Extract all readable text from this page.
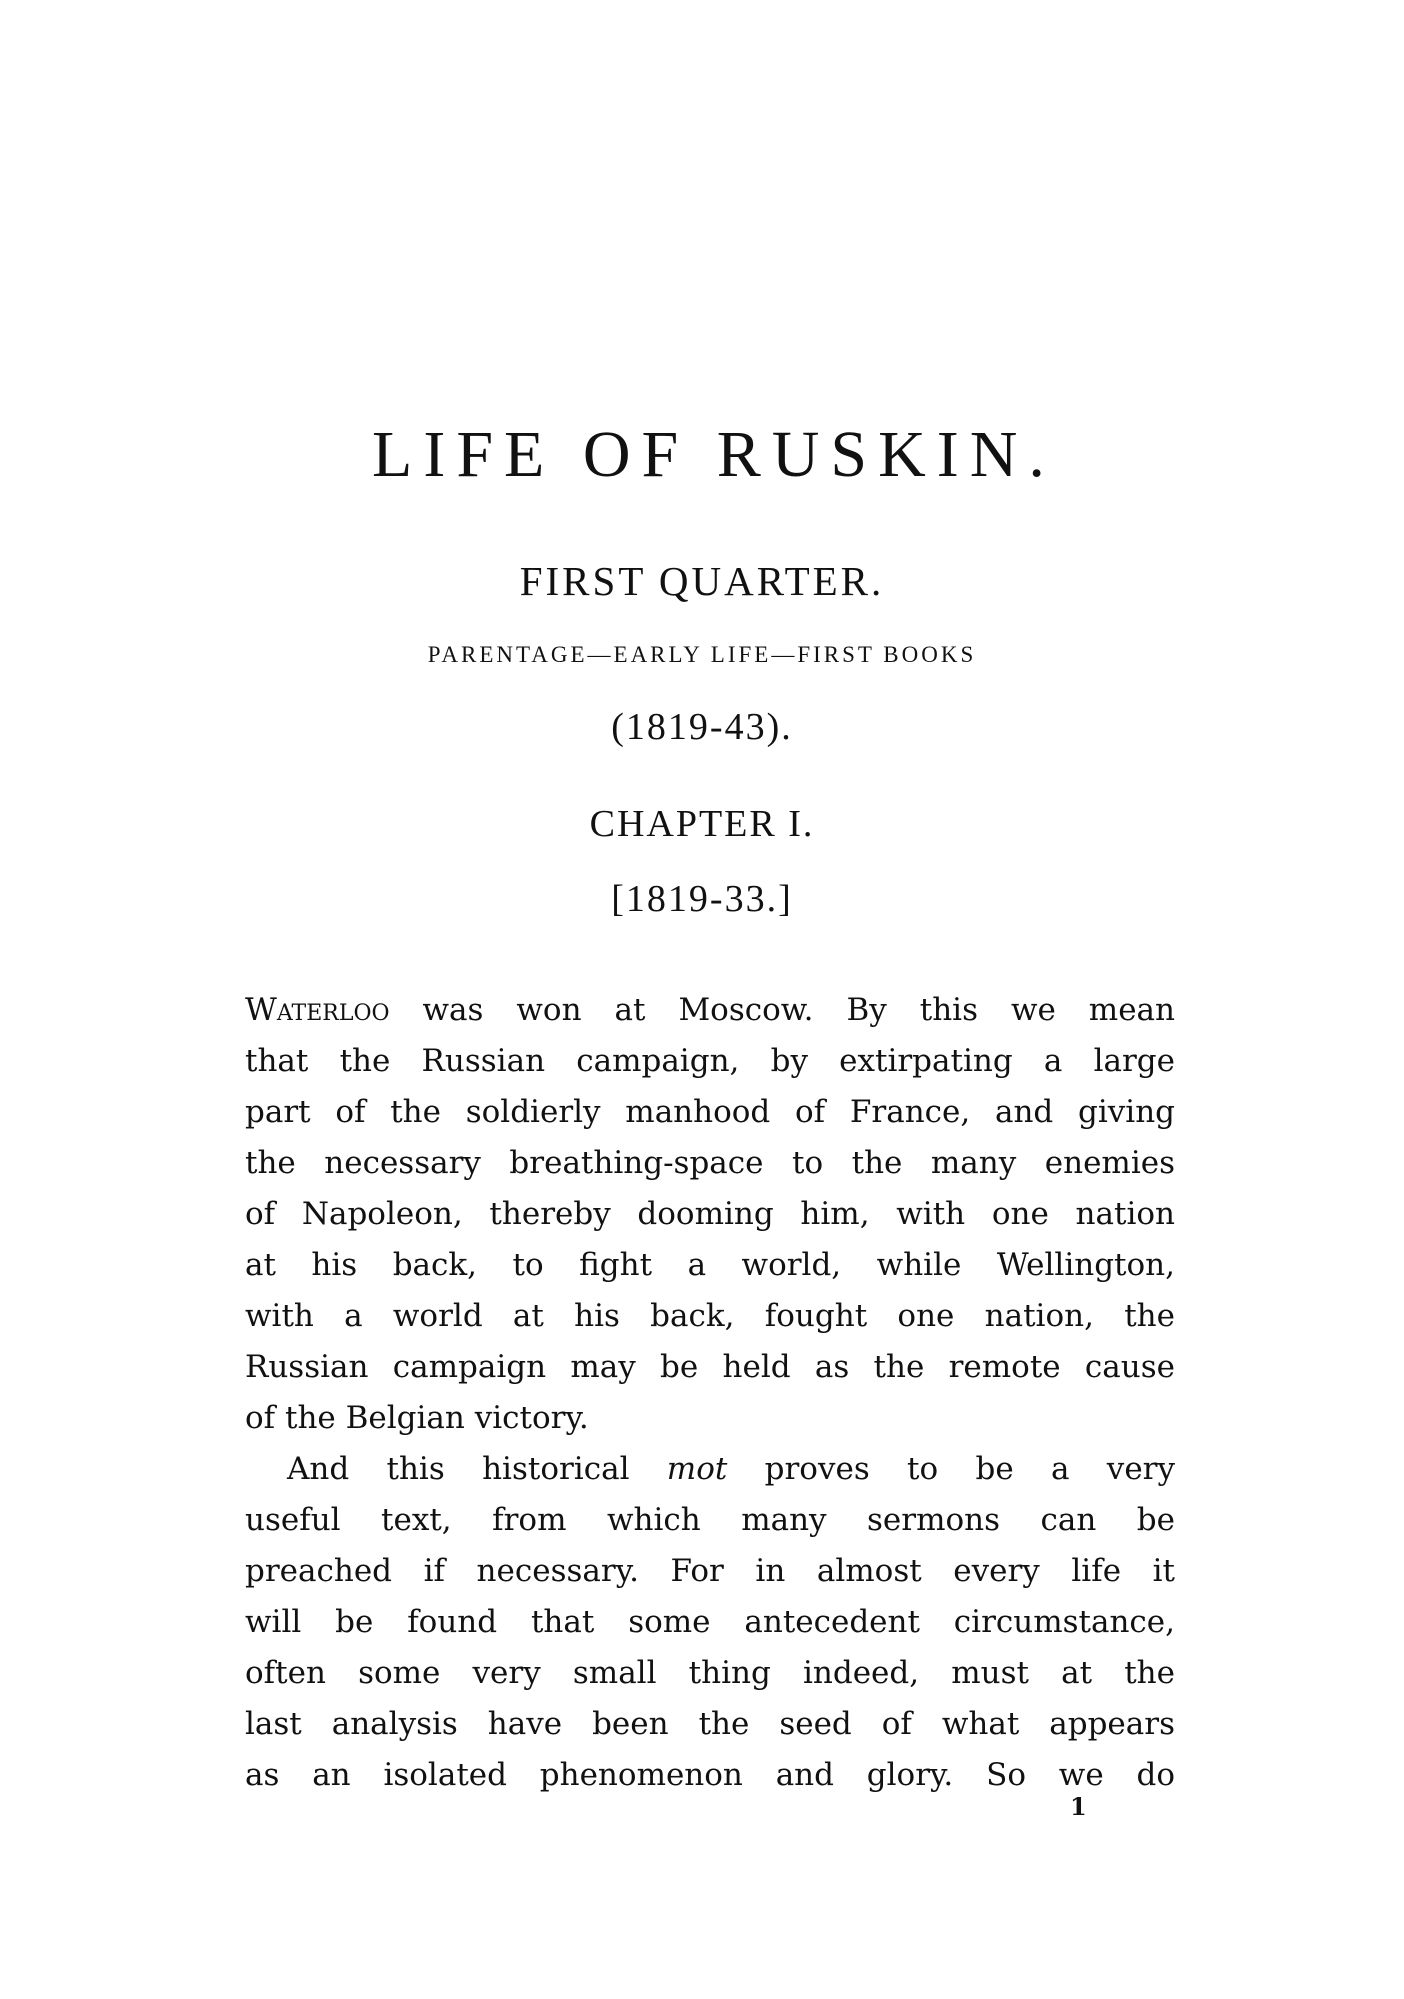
LIFE OF RUSKIN.
FIRST QUARTER.
PARENTAGE—EARLY LIFE—FIRST BOOKS
(1819-43).
CHAPTER I.
[1819-33.]
Waterloo was won at Moscow. By this we mean
that the Russian campaign, by extirpating a large
part of the soldierly manhood of France, and giving
the necessary breathing-space to the many enemies
of Napoleon, thereby dooming him, with one nation
at his back, to fight a world, while Wellington,
with a world at his back, fought one nation, the
Russian campaign may be held as the remote cause
of the Belgian victory.
And this historical mot proves to be a very
useful text, from which many sermons can be
preached if necessary. For in almost every life it
will be found that some antecedent circumstance,
often some very small thing indeed, must at the
last analysis have been the seed of what appears
as an isolated phenomenon and glory. So we do
1
